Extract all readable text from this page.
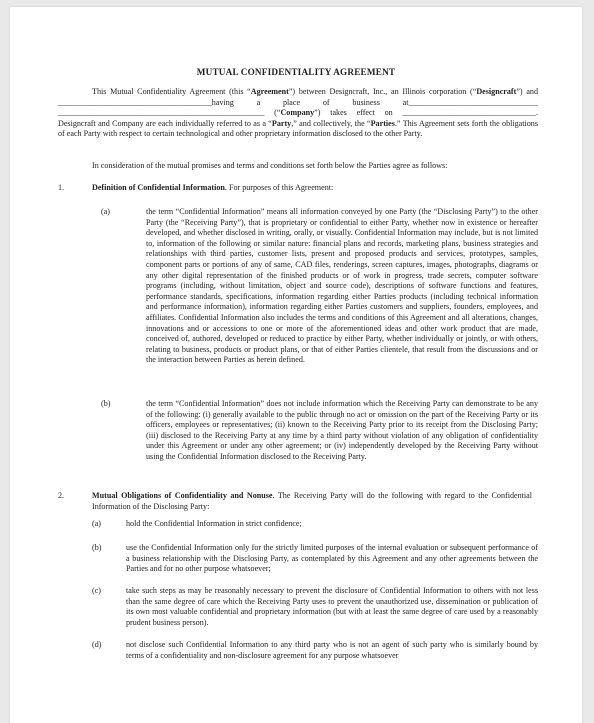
MUTUAL CONFIDENTIALITY AGREEMENT

This Mutual Confidentiality Agreement (this “Agreement”) between Designcraft, Inc., an Illinois corporation (“Designcraft”) and ______________________________________having a place of business at________________________________ ___________________________________________________ (“Company”) takes effect on _________________________________. Designcraft and Company are each individually referred to as a “Party,” and collectively, the “Parties.” This Agreement sets forth the obligations of each Party with respect to certain technological and other proprietary information disclosed to the other Party.

In consideration of the mutual promises and terms and conditions set forth below the Parties agree as follows:

1.	Definition of Confidential Information. For purposes of this Agreement:
(a)	the term “Confidential Information” means all information conveyed by one Party (the “Disclosing Party”) to the other Party (the “Receiving Party”), that is proprietary or confidential to either Party, whether now in existence or hereafter developed, and whether disclosed in writing, orally, or visually. Confidential Information may include, but is not limited to, information of the following or similar nature: financial plans and records, marketing plans, business strategies and relationships with third parties, customer lists, present and proposed products and services, prototypes, samples, component parts or portions of any of same, CAD files, renderings, screen captures, images, photographs, diagrams or any other digital representation of the finished products or of work in progress, trade secrets, computer software programs (including, without limitation, object and source code), descriptions of software functions and features, performance standards, specifications, information regarding either Parties products (including technical information and performance information), information regarding either Parties customers and suppliers, founders, employees, and affiliates. Confidential Information also includes the terms and conditions of this Agreement and all alterations, changes, innovations and or accessions to one or more of the aforementioned ideas and other work product that are made, conceived of, authored, developed or reduced to practice by either Party, whether individually or jointly, or with others, relating to business, products or product plans, or that of either Parties clientele, that result from the discussions and or the interaction between Parties as herein defined.

(b)	the term “Confidential Information” does not include information which the Receiving Party can demonstrate to be any of the following: (i) generally available to the public through no act or omission on the part of the Receiving Party or its officers, employees or representatives; (ii) known to the Receiving Party prior to its receipt from the Disclosing Party; (iii) disclosed to the Receiving Party at any time by a third party without violation of any obligation of confidentiality under this Agreement or under any other agreement; or (iv) independently developed by the Receiving Party without using the Confidential Information disclosed to the Receiving Party.

2.	Mutual Obligations of Confidentiality and Nonuse. The Receiving Party will do the following with regard to the Confidential Information of the Disclosing Party:
(a)	hold the Confidential Information in strict confidence;

(b)	use the Confidential Information only for the strictly limited purposes of the internal evaluation or subsequent performance of a business relationship with the Disclosing Party, as contemplated by this Agreement and any other agreements between the Parties and for no other purpose whatsoever;

(c)	take such steps as may be reasonably necessary to prevent the disclosure of Confidential Information to others with not less than the same degree of care which the Receiving Party uses to prevent the unauthorized use, dissemination or publication of its own most valuable confidential and proprietary information (but with at least the same degree of care used by a reasonably prudent business person).

(d)	not disclose such Confidential Information to any third party who is not an agent of such party who is similarly bound by terms of a confidentiality and non-disclosure agreement for any purpose whatsoever
